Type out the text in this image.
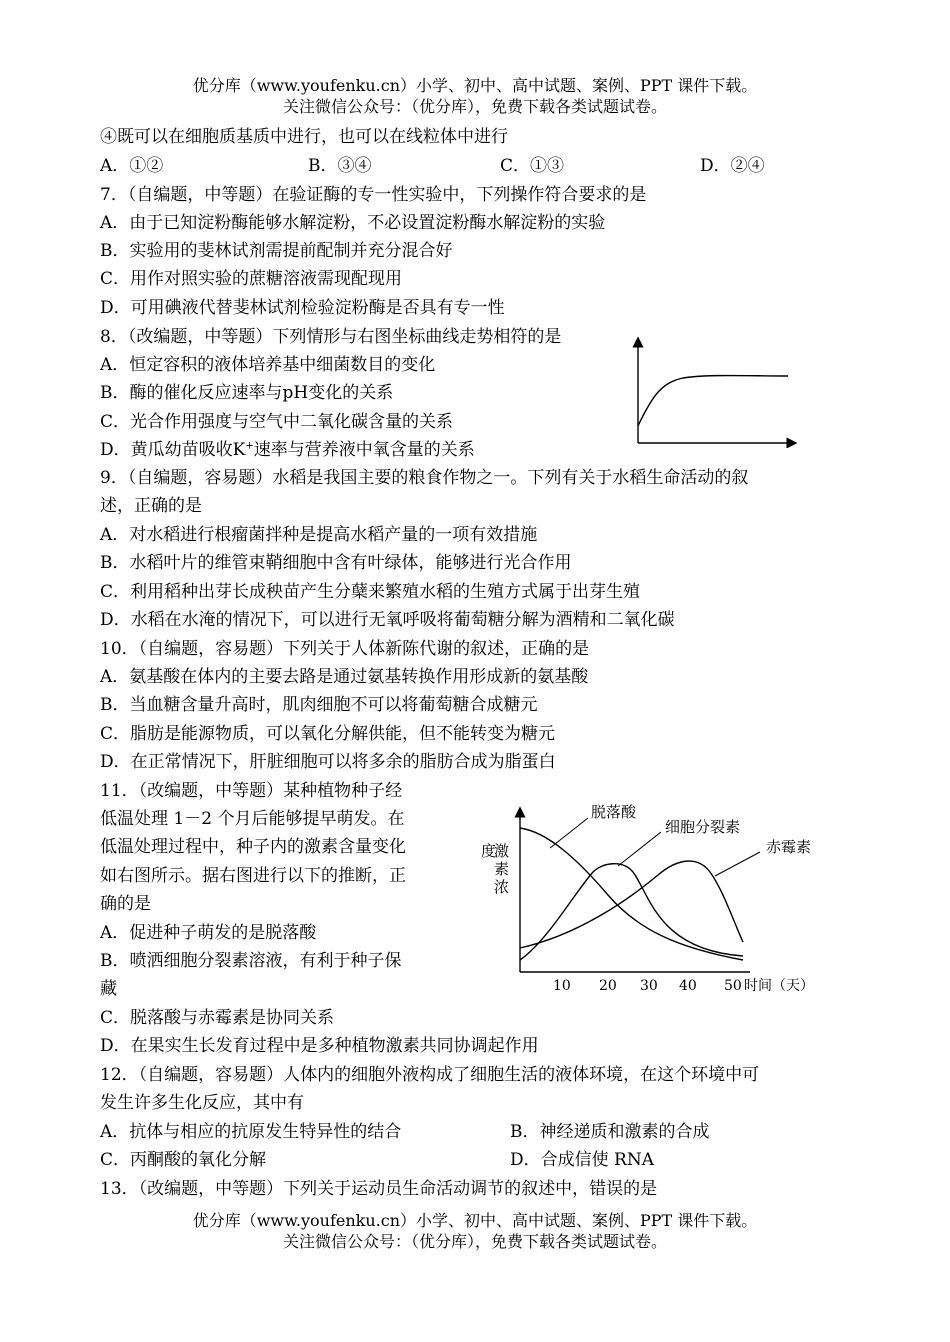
优分库（www.youfenku.cn）小学、初中、高中试题、案例、PPT 课件下载。
关注微信公众号：（优分库），免费下载各类试题试卷。
④既可以在细胞质基质中进行，也可以在线粒体中进行
A．①②	B．③④	C．①③	D．②④
7．（自编题，中等题）在验证酶的专一性实验中，下列操作符合要求的是
A．由于已知淀粉酶能够水解淀粉，不必设置淀粉酶水解淀粉的实验
B．实验用的斐林试剂需提前配制并充分混合好
C．用作对照实验的蔗糖溶液需现配现用
D．可用碘液代替斐林试剂检验淀粉酶是否具有专一性
8．（改编题，中等题）下列情形与右图坐标曲线走势相符的是
A．恒定容积的液体培养基中细菌数目的变化
B．酶的催化反应速率与pH变化的关系
C．光合作用强度与空气中二氧化碳含量的关系
D．黄瓜幼苗吸收K+速率与营养液中氧含量的关系
9．（自编题，容易题）水稻是我国主要的粮食作物之一。下列有关于水稻生命活动的叙
述，正确的是
A．对水稻进行根瘤菌拌种是提高水稻产量的一项有效措施
B．水稻叶片的维管束鞘细胞中含有叶绿体，能够进行光合作用
C．利用稻种出芽长成秧苗产生分蘖来繁殖水稻的生殖方式属于出芽生殖
D．水稻在水淹的情况下，可以进行无氧呼吸将葡萄糖分解为酒精和二氧化碳
10．（自编题，容易题）下列关于人体新陈代谢的叙述，正确的是
A．氨基酸在体内的主要去路是通过氨基转换作用形成新的氨基酸
B．当血糖含量升高时，肌肉细胞不可以将葡萄糖合成糖元
C．脂肪是能源物质，可以氧化分解供能，但不能转变为糖元
D．在正常情况下，肝脏细胞可以将多余的脂肪合成为脂蛋白
11．（改编题，中等题）某种植物种子经
低温处理 1－2 个月后能够提早萌发。在
低温处理过程中，种子内的激素含量变化
如右图所示。据右图进行以下的推断，正
确的是
A．促进种子萌发的是脱落酸
B．喷洒细胞分裂素溶液，有利于种子保
藏
C．脱落酸与赤霉素是协同关系
D．在果实生长发育过程中是多种植物激素共同协调起作用
激
素
浓
度
10 20 30 40 50 时间（天）
脱落酸
细胞分裂素
赤霉素
12．（自编题，容易题）人体内的细胞外液构成了细胞生活的液体环境，在这个环境中可
发生许多生化反应，其中有
A．抗体与相应的抗原发生特异性的结合	B．神经递质和激素的合成
C．丙酮酸的氧化分解	D．合成信使 RNA
13．（改编题，中等题）下列关于运动员生命活动调节的叙述中，错误的是
优分库（www.youfenku.cn）小学、初中、高中试题、案例、PPT 课件下载。
关注微信公众号：（优分库），免费下载各类试题试卷。
